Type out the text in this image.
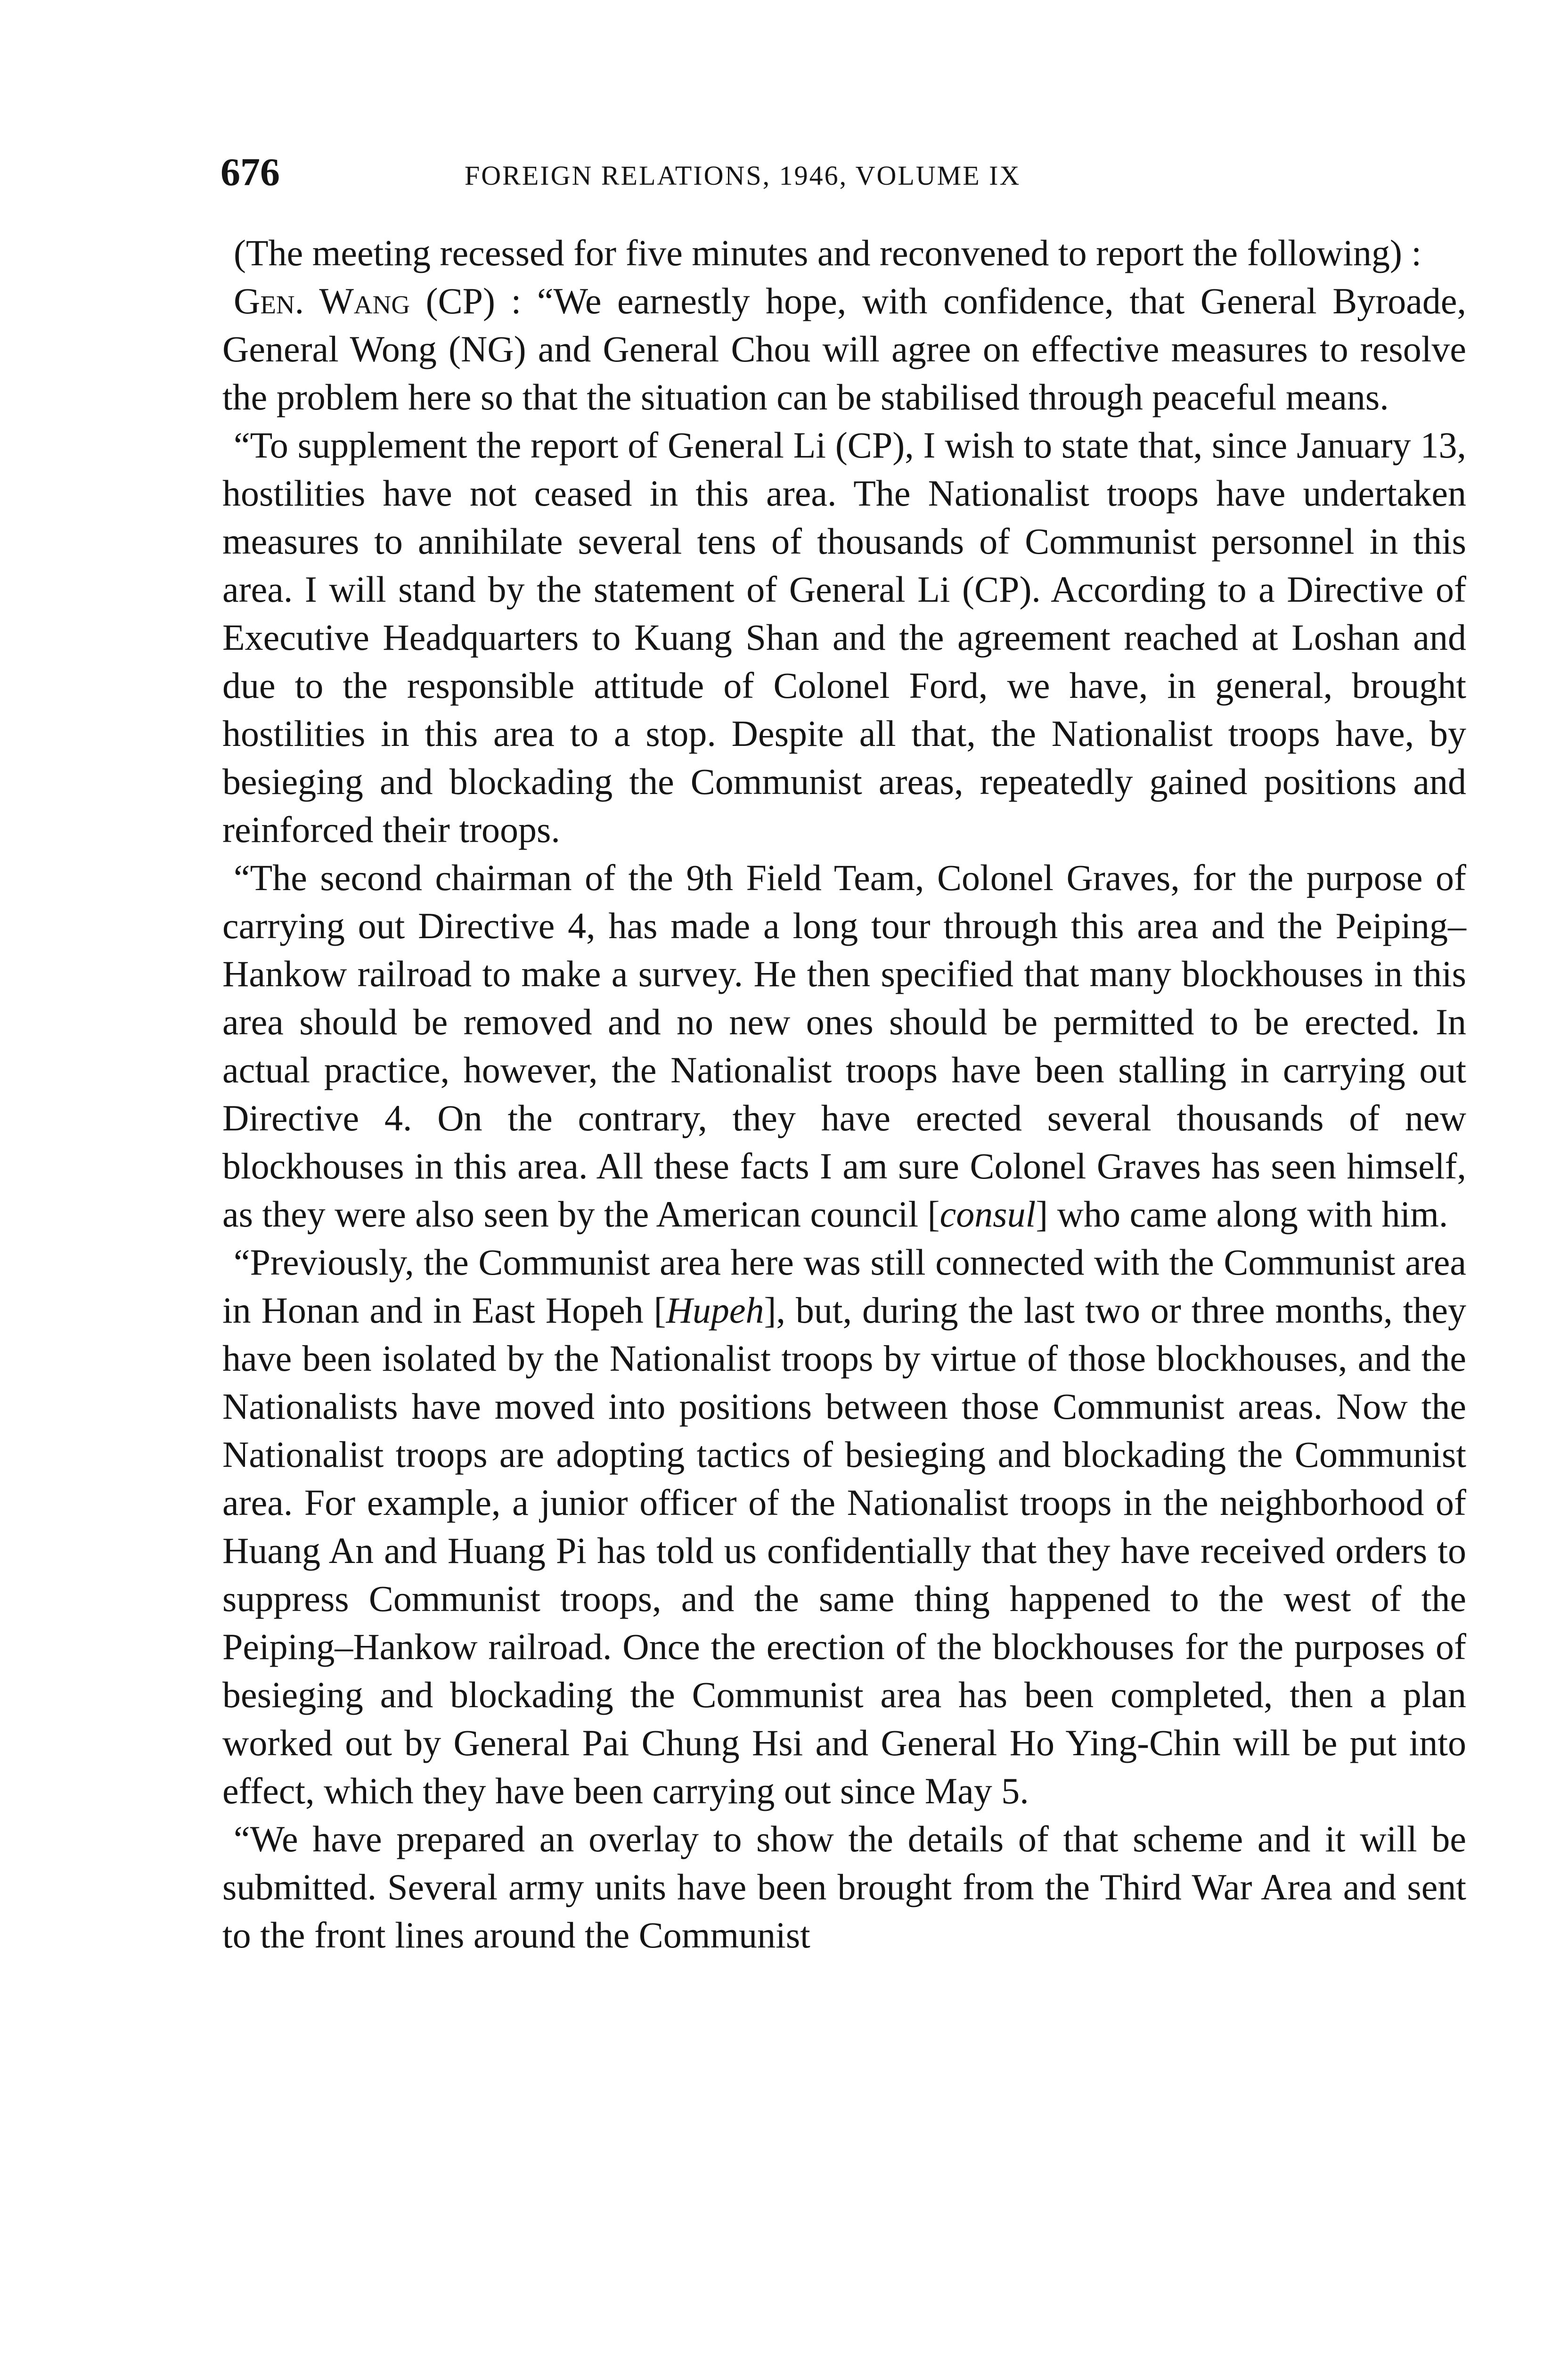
676	FOREIGN RELATIONS, 1946, VOLUME IX

(The meeting recessed for five minutes and reconvened to report the following) :

Gen. Wang (CP) : “We earnestly hope, with confidence, that General Byroade, General Wong (NG) and General Chou will agree on effective measures to resolve the problem here so that the situation can be stabilised through peaceful means.

“To supplement the report of General Li (CP), I wish to state that, since January 13, hostilities have not ceased in this area. The Nationalist troops have undertaken measures to annihilate several tens of thousands of Communist personnel in this area. I will stand by the statement of General Li (CP). According to a Directive of Executive Headquarters to Kuang Shan and the agreement reached at Loshan and due to the responsible attitude of Colonel Ford, we have, in general, brought hostilities in this area to a stop. Despite all that, the Nationalist troops have, by besieging and blockading the Communist areas, repeatedly gained positions and reinforced their troops.

“The second chairman of the 9th Field Team, Colonel Graves, for the purpose of carrying out Directive 4, has made a long tour through this area and the Peiping–Hankow railroad to make a survey. He then specified that many blockhouses in this area should be removed and no new ones should be permitted to be erected. In actual practice, however, the Nationalist troops have been stalling in carrying out Directive 4. On the contrary, they have erected several thousands of new blockhouses in this area. All these facts I am sure Colonel Graves has seen himself, as they were also seen by the American council [consul] who came along with him.

“Previously, the Communist area here was still connected with the Communist area in Honan and in East Hopeh [Hupeh], but, during the last two or three months, they have been isolated by the Nationalist troops by virtue of those blockhouses, and the Nationalists have moved into positions between those Communist areas. Now the Nationalist troops are adopting tactics of besieging and blockading the Communist area. For example, a junior officer of the Nationalist troops in the neighborhood of Huang An and Huang Pi has told us confidentially that they have received orders to suppress Communist troops, and the same thing happened to the west of the Peiping–Hankow railroad. Once the erection of the blockhouses for the purposes of besieging and blockading the Communist area has been completed, then a plan worked out by General Pai Chung Hsi and General Ho Ying-Chin will be put into effect, which they have been carrying out since May 5.

“We have prepared an overlay to show the details of that scheme and it will be submitted. Several army units have been brought from the Third War Area and sent to the front lines around the Communist
